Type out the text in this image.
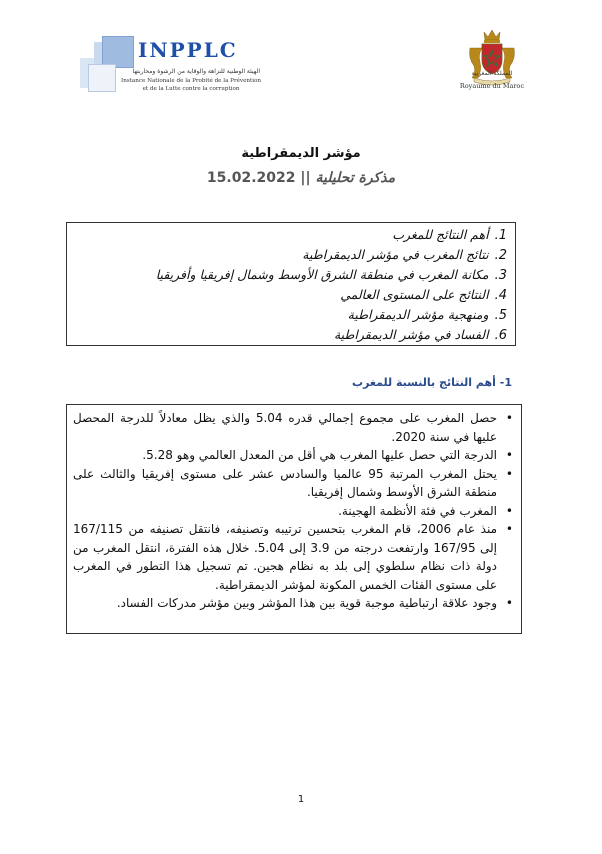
INPPLC
الهيئة الوطنية للنزاهة والوقاية من الرشوة ومحاربتها
Instance Nationale de la Probité de la Prévention
et de la Lutte contre la corruption
المملكة المغربية
Royaume du Maroc
مؤشر الديمقراطية
مذكرة تحليلية || 15.02.2022
1.أهم النتائج للمغرب
2.نتائج المغرب في مؤشر الديمقراطية
3.مكانة المغرب في منطقة الشرق الأوسط وشمال إفريقيا وأفريقيا
4.النتائج على المستوى العالمي
5.ومنهجية مؤشر الديمقراطية
6.الفساد في مؤشر الديمقراطية
1- أهم النتائج بالنسبة للمغرب
•
حصل المغرب على مجموع إجمالي قدره 5.04 والذي يظل معادلاً للدرجة المحصل عليها في سنة 2020.
•
الدرجة التي حصل عليها المغرب هي أقل من المعدل العالمي وهو 5.28.
•
يحتل المغرب المرتبة 95 عالميا والسادس عشر على مستوى إفريقيا والثالث على منطقة الشرق الأوسط وشمال إفريقيا.
•
المغرب في فئة الأنظمة الهجينة.
•
منذ عام 2006، قام المغرب بتحسين ترتيبه وتصنيفه، فانتقل تصنيفه من 167/115 إلى 167/95 وارتفعت درجته من 3.9 إلى 5.04. خلال هذه الفترة، انتقل المغرب من دولة ذات نظام سلطوي إلى بلد به نظام هجين. تم تسجيل هذا التطور في المغرب على مستوى الفئات الخمس المكونة لمؤشر الديمقراطية.
•
وجود علاقة ارتباطية موجبة قوية بين هذا المؤشر وبين مؤشر مدركات الفساد.
1
